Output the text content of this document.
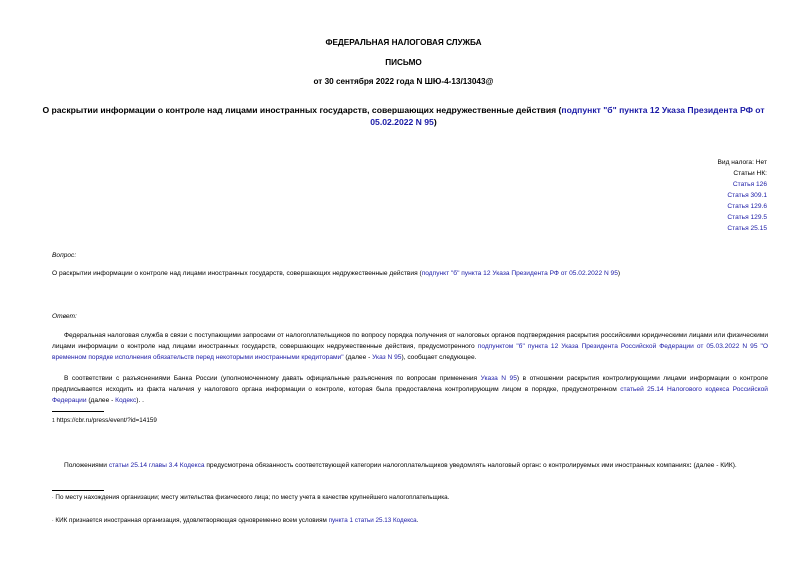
ФЕДЕРАЛЬНАЯ НАЛОГОВАЯ СЛУЖБА
ПИСЬМО
от 30 сентября 2022 года N ШЮ-4-13/13043@
О раскрытии информации о контроле над лицами иностранных государств, совершающих недружественные действия (подпункт "б" пункта 12 Указа Президента РФ от 05.02.2022 N 95)
Вид налога: Нет
Статьи НК:
Статья 126
Статья 309.1
Статья 129.6
Статья 129.5
Статья 25.15
Вопрос:
О раскрытии информации о контроле над лицами иностранных государств, совершающих недружественные действия (подпункт "б" пункта 12 Указа Президента РФ от 05.02.2022 N 95)
Ответ:
Федеральная налоговая служба в связи с поступающими запросами от налогоплательщиков по вопросу порядка получения от налоговых органов подтверждения раскрытия российскими юридическими лицами или физическими лицами информации о контроле над лицами иностранных государств, совершающих недружественные действия, предусмотренного подпунктом "б" пункта 12 Указа Президента Российской Федерации от 05.03.2022 N 95 "О временном порядке исполнения обязательств перед некоторыми иностранными кредиторами" (далее - Указ N 95), сообщает следующее.
В соответствии с разъяснениями Банка России (уполномоченному давать официальные разъяснения по вопросам применения Указа N 95) в отношении раскрытия контролирующими лицами информации о контроле предписывается исходить из факта наличия у налогового органа информации о контроле, которая была предоставлена контролирующим лицом в порядке, предусмотренном статьей 25.14 Налогового кодекса Российской Федерации (далее - Кодекс). .
1 https://cbr.ru/press/event/?id=14159
Положениями статьи 25.14 главы 3.4 Кодекса предусмотрена обязанность соответствующей категории налогоплательщиков уведомлять налоговый орган: о контролируемых ими иностранных компаниях: (далее - КИК).
· По месту нахождения организации; месту жительства физического лица; по месту учета в качестве крупнейшего налогоплательщика.
· КИК признается иностранная организация, удовлетворяющая одновременно всем условиям пункта 1 статьи 25.13 Кодекса.
